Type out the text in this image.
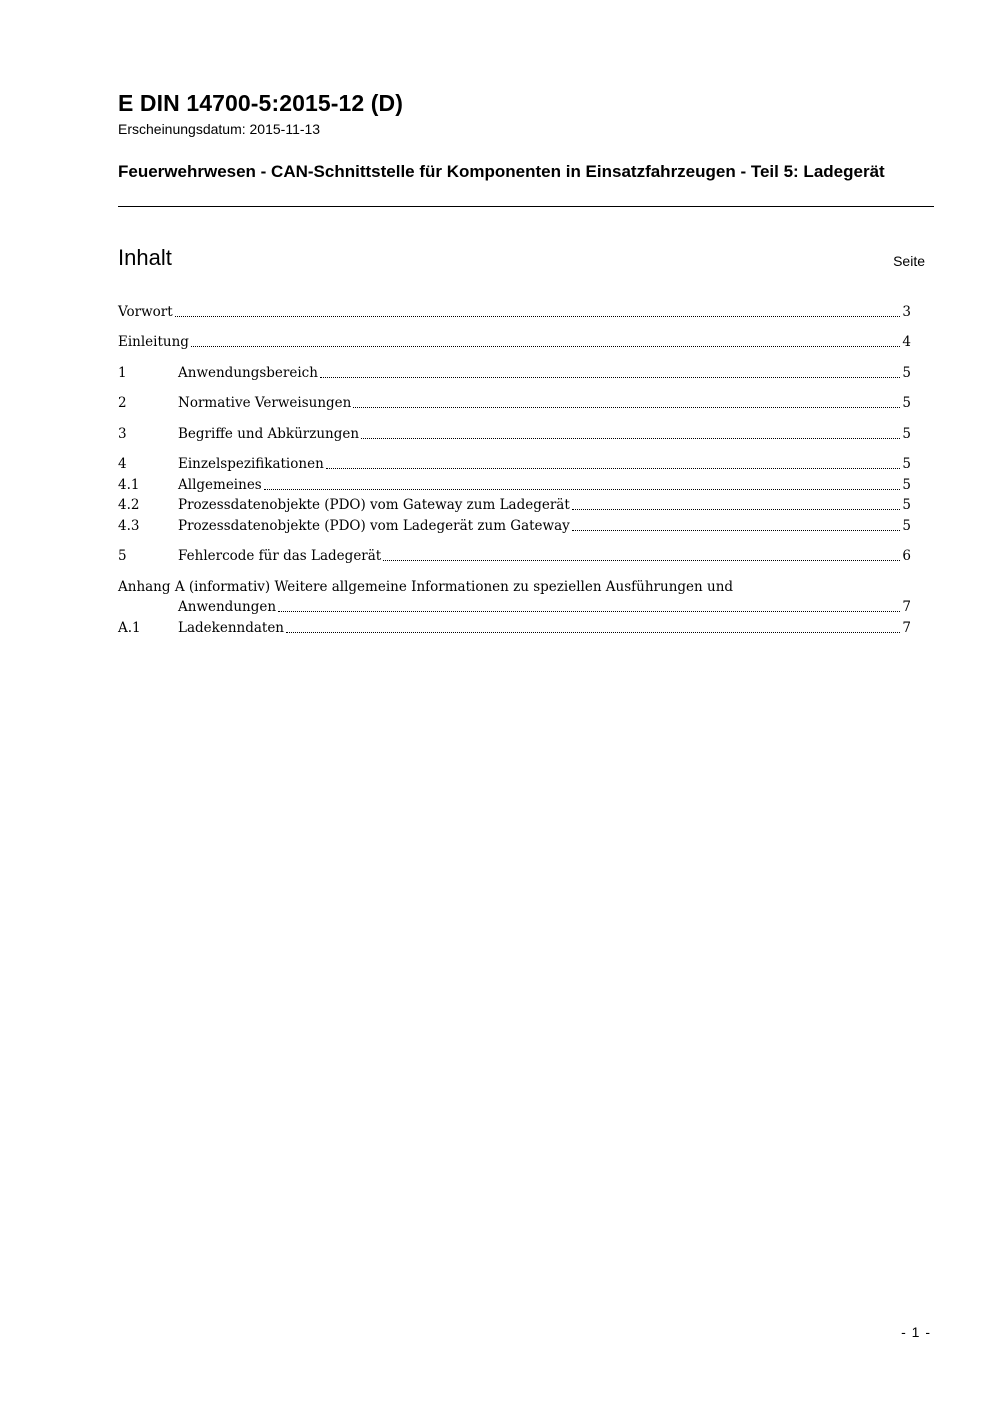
E DIN 14700-5:2015-12 (D)
Erscheinungsdatum: 2015-11-13
Feuerwehrwesen - CAN-Schnittstelle für Komponenten in Einsatzfahrzeugen - Teil 5: Ladegerät
Inhalt	Seite
Vorwort	3
Einleitung	4
1	Anwendungsbereich	5
2	Normative Verweisungen	5
3	Begriffe und Abkürzungen	5
4	Einzelspezifikationen	5
4.1	Allgemeines	5
4.2	Prozessdatenobjekte (PDO) vom Gateway zum Ladegerät	5
4.3	Prozessdatenobjekte (PDO) vom Ladegerät zum Gateway	5
5	Fehlercode für das Ladegerät	6
Anhang A (informativ) Weitere allgemeine Informationen zu speziellen Ausführungen und
Anwendungen	7
A.1	Ladekenndaten	7
- 1 -
